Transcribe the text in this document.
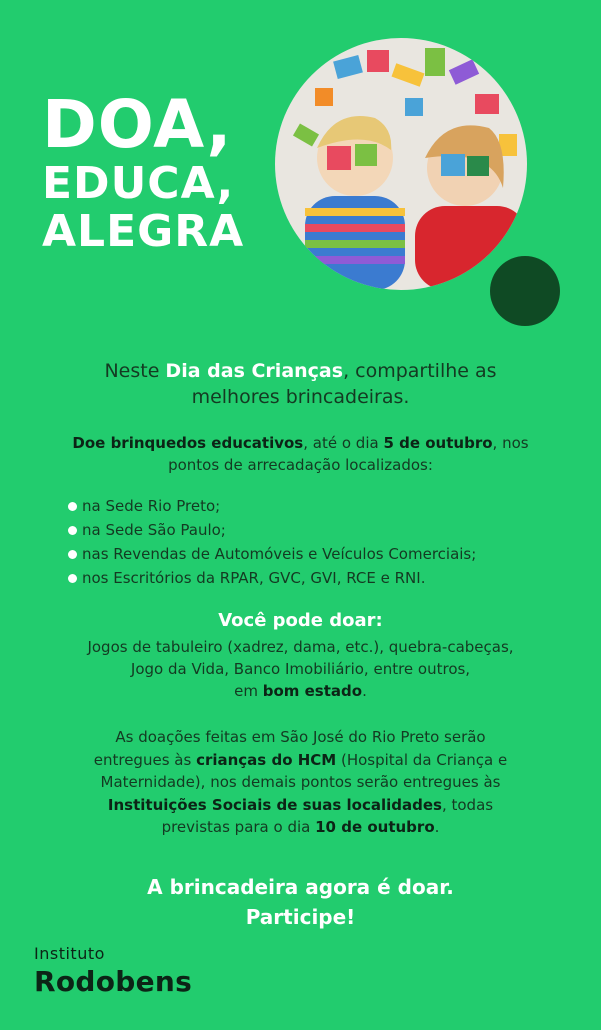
DOA,
EDUCA,
ALEGRA
Neste Dia das Crianças, compartilhe as
melhores brincadeiras.
Doe brinquedos educativos, até o dia 5 de outubro, nos
pontos de arrecadação localizados:
na Sede Rio Preto;
na Sede São Paulo;
nas Revendas de Automóveis e Veículos Comerciais;
nos Escritórios da RPAR, GVC, GVI, RCE e RNI.
Você pode doar:
Jogos de tabuleiro (xadrez, dama, etc.), quebra-cabeças,
Jogo da Vida, Banco Imobiliário, entre outros,
em bom estado.
As doações feitas em São José do Rio Preto serão
entregues às crianças do HCM (Hospital da Criança e
Maternidade), nos demais pontos serão entregues às
Instituições Sociais de suas localidades, todas
previstas para o dia 10 de outubro.
A brincadeira agora é doar.
Participe!
Instituto
Rodobens
